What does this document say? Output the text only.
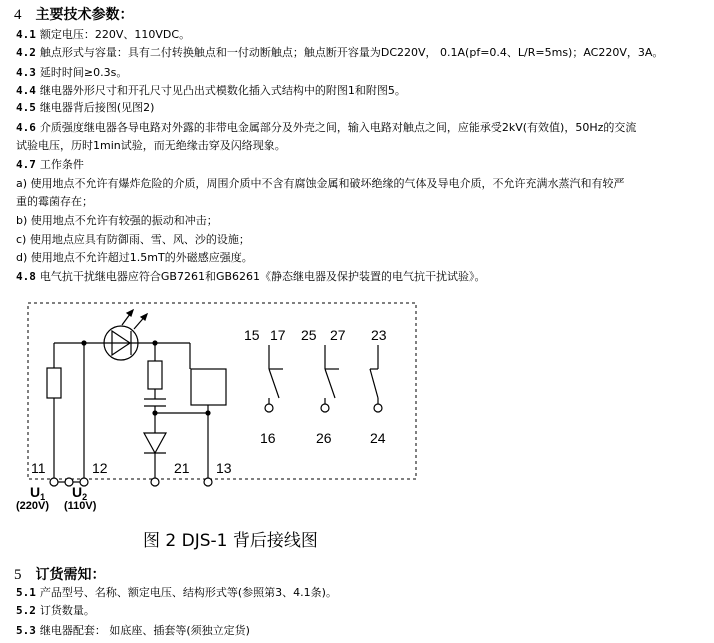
4 主要技术参数：
4.1 额定电压：220V、110VDC。
4.2 触点形式与容量：具有二付转换触点和一付动断触点；触点断开容量为DC220V， 0.1A(pf=0.4、L/R=5ms)；AC220V，3A。
4.3 延时时间≥0.3s。
4.4 继电器外形尺寸和开孔尺寸见凸出式模数化插入式结构中的附图1和附图5。
4.5 继电器背后接图(见图2)
4.6 介质强度继电器各导电路对外露的非带电金属部分及外壳之间，输入电路对触点之间，应能承受2kV(有效值)，50Hz的交流
试验电压，历时1min试验，而无绝缘击穿及闪络现象。
4.7 工作条件
a) 使用地点不允许有爆炸危险的介质，周围介质中不含有腐蚀金属和破坏绝缘的气体及导电介质，不允许充满水蒸汽和有较严
重的霉菌存在；
b) 使用地点不允许有较强的振动和冲击；
c) 使用地点应具有防御雨、雪、风、沙的设施；
d) 使用地点不允许超过1.5mT的外磁感应强度。
4.8 电气抗干扰继电器应符合GB7261和GB6261《静态继电器及保护装置的电气抗干扰试验》。
15 17 25 27 23
16	26	24
11	12	21 13
$U_1$ $U_2$
(220V) (110V)
图 2 DJS-1 背后接线图
5 订货需知：
5.1 产品型号、名称、额定电压、结构形式等(参照第3、4.1条)。
5.2 订货数量。
5.3 继电器配套： 如底座、插套等(须独立定货)
